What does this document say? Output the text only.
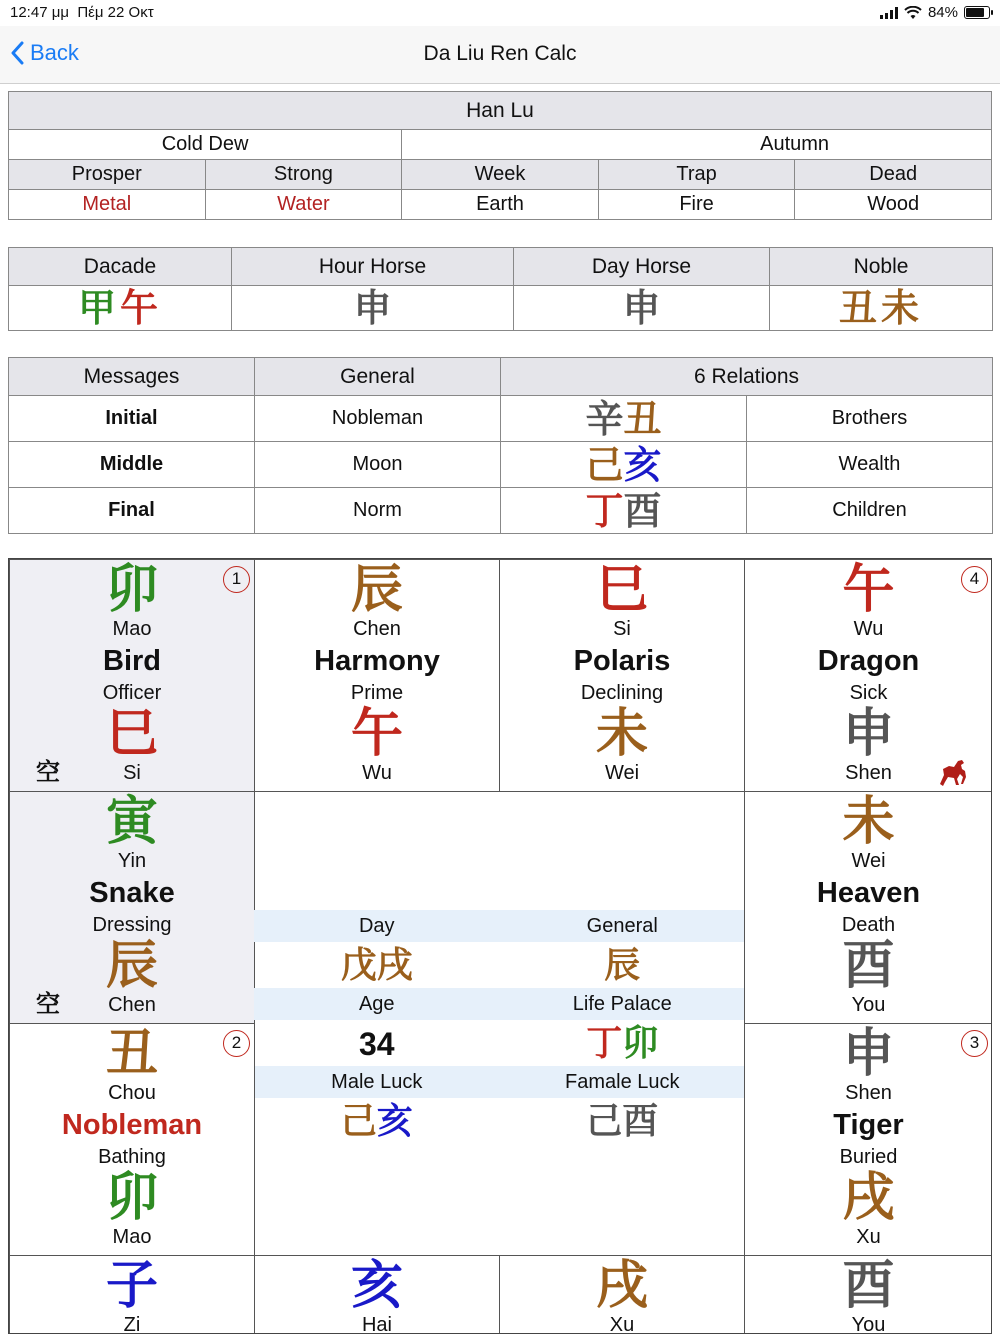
12:47 μμ Πέμ 22 Οκτ	84%
Back	Da Liu Ren Calc
Han Lu				
Cold Dew		Autumn		
Prosper	Strong	Week	Trap	Dead
Metal	Water	Earth	Fire	Wood
Dacade	Hour Horse	Day Horse	Noble
甲午	申	申	丑未
Messages	General	6 Relations	
Initial	Nobleman	辛丑	Brothers
Middle	Moon	己亥	Wealth
Final	Norm	丁酉	Children
卯
Mao
Bird
Officer
巳
Si
1
空
辰
Chen
Harmony
Prime
午
Wu
巳
Si
Polaris
Declining
未
Wei
午
Wu
Dragon
Sick
申
Shen
4
寅
Yin
Snake
Dressing
辰
Chen
空
Day	General
戊戌	辰
Age	Life Palace
34	丁卯
Male Luck	Famale Luck
己亥	己酉
未
Wei
Heaven
Death
酉
You
丑
Chou
Nobleman
Bathing
卯
Mao
2	申
Shen
Tiger
Buried
戌
Xu
3
子
Zi
亥
Hai
戌
Xu
酉
You
